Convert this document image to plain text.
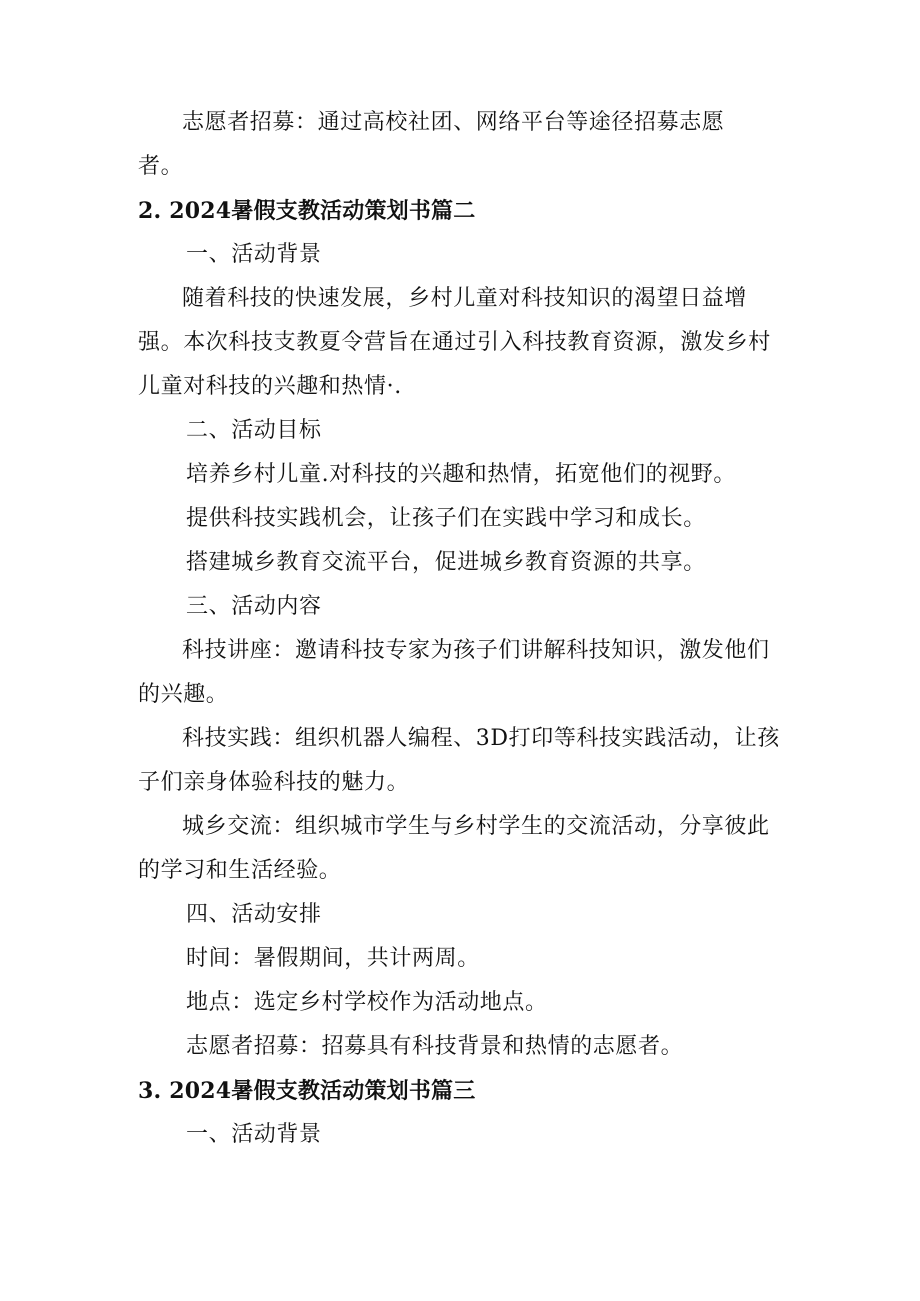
志愿者招募：通过高校社团、网络平台等途径招募志愿者。

2. 2024暑假支教活动策划书篇二
一、活动背景

随着科技的快速发展，乡村儿童对科技知识的渴望日益增强。本次科技支教夏令营旨在通过引入科技教育资源，激发乡村儿童对科技的兴趣和热情·.

二、活动目标
培养乡村儿童.对科技的兴趣和热情，拓宽他们的视野。
提供科技实践机会，让孩子们在实践中学习和成长。
搭建城乡教育交流平台，促进城乡教育资源的共享。
三、活动内容

科技讲座：邀请科技专家为孩子们讲解科技知识，激发他们的兴趣。

科技实践：组织机器人编程、3D打印等科技实践活动，让孩子们亲身体验科技的魅力。

城乡交流：组织城市学生与乡村学生的交流活动，分享彼此的学习和生活经验。

四、活动安排
时间：暑假期间，共计两周。
地点：选定乡村学校作为活动地点。
志愿者招募：招募具有科技背景和热情的志愿者。
3. 2024暑假支教活动策划书篇三
一、活动背景
